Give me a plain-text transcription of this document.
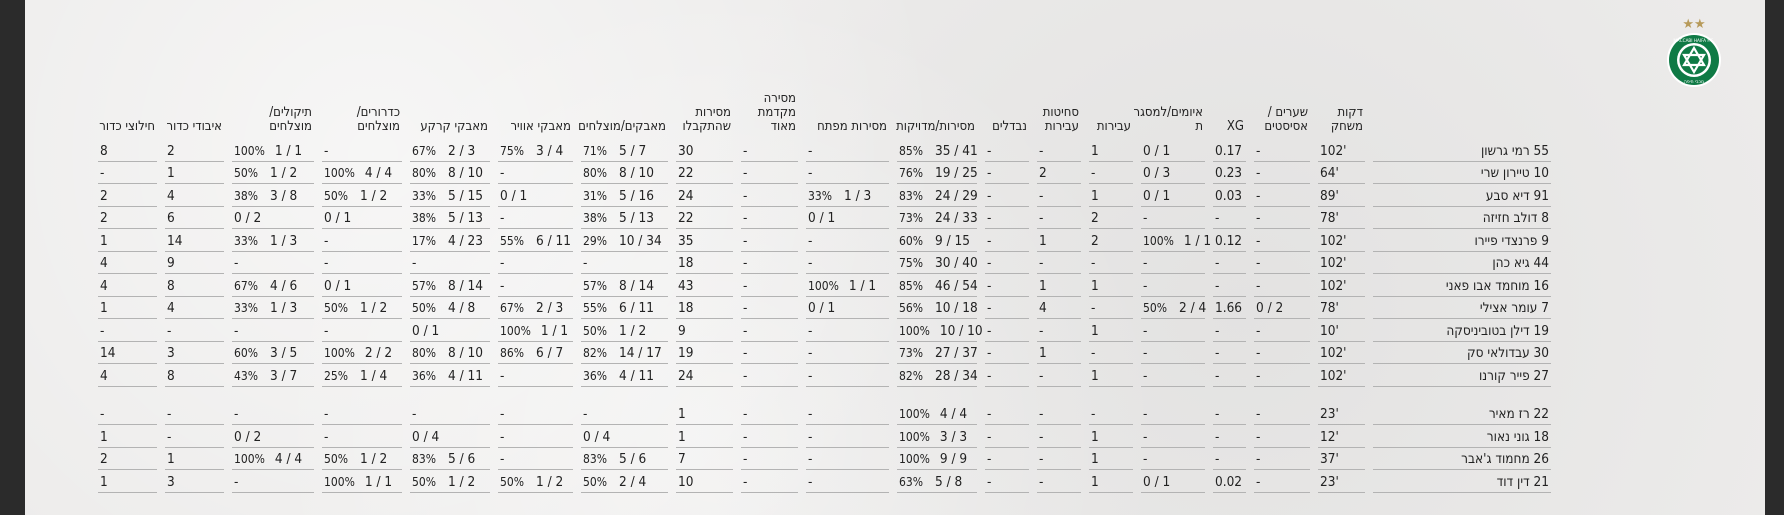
★★
MACCABI HAIFA F.C.
מכבי חיפה
	דקות משחק	שערים / אסיסטים	XG	איומים/למסגר ת	עבירות	סחיטות עבירות	נבדלים	מסירות/מדויקות	מסירות מפתח	מסירה מקדמת מאוד	מסירות שהתקבלו	מאבקים/מוצלחים	מאבקי אוויר	מאבקי קרקע	כדרורים/ מוצלחים	תיקולים/ מוצלחים	איבודי כדור	חילוצי כדור
55 רמי גרשון	102'	-	0.17	0 / 1	1	-	-	85% 35 / 41	-	-	30	71% 5 / 7	75% 3 / 4	67% 2 / 3	-	100% 1 / 1	2	8
10 טיירון שרי	64'	-	0.23	0 / 3	-	2	-	76% 19 / 25	-	-	22	80% 8 / 10	-	80% 8 / 10	100% 4 / 4	50% 1 / 2	1	-
91 דיא סבע	89'	-	0.03	0 / 1	1	-	-	83% 24 / 29	33% 1 / 3	-	24	31% 5 / 16	0 / 1	33% 5 / 15	50% 1 / 2	38% 3 / 8	4	2
8 דולב חזיזה	78'	-	-	-	2	-	-	73% 24 / 33	0 / 1	-	22	38% 5 / 13	-	38% 5 / 13	0 / 1	0 / 2	6	2
9 פרנצדי פיירו	102'	-	0.12	100% 1 / 1	2	1	-	60% 9 / 15	-	-	35	29% 10 / 34	55% 6 / 11	17% 4 / 23	-	33% 1 / 3	14	1
44 גיא כהן	102'	-	-	-	-	-	-	75% 30 / 40	-	-	18	-	-	-	-	-	9	4
16 מוחמד אבו פאני	102'	-	-	-	1	1	-	85% 46 / 54	100% 1 / 1	-	43	57% 8 / 14	-	57% 8 / 14	0 / 1	67% 4 / 6	8	4
7 עומר אצילי	78'	0 / 2	1.66	50% 2 / 4	-	4	-	56% 10 / 18	0 / 1	-	18	55% 6 / 11	67% 2 / 3	50% 4 / 8	50% 1 / 2	33% 1 / 3	4	1
19 דילן בטוביניסקה	10'	-	-	-	1	-	-	100% 10 / 10	-	-	9	50% 1 / 2	100% 1 / 1	0 / 1	-	-	-	-
30 עבדולאי סק	102'	-	-	-	-	1	-	73% 27 / 37	-	-	19	82% 14 / 17	86% 6 / 7	80% 8 / 10	100% 2 / 2	60% 3 / 5	3	14
27 פייר קורנו	102'	-	-	-	1	-	-	82% 28 / 34	-	-	24	36% 4 / 11	-	36% 4 / 11	25% 1 / 4	43% 3 / 7	8	4

22 רז מאיר	23'	-	-	-	-	-	-	100% 4 / 4	-	-	1	-	-	-	-	-	-	-
18 גוני נאור	12'	-	-	-	1	-	-	100% 3 / 3	-	-	1	0 / 4	-	0 / 4	-	0 / 2	-	1
26 מחמוד ג'אבר	37'	-	-	-	1	-	-	100% 9 / 9	-	-	7	83% 5 / 6	-	83% 5 / 6	50% 1 / 2	100% 4 / 4	1	2
21 דין דוד	23'	-	0.02	0 / 1	1	-	-	63% 5 / 8	-	-	10	50% 2 / 4	50% 1 / 2	50% 1 / 2	100% 1 / 1	-	3	1
